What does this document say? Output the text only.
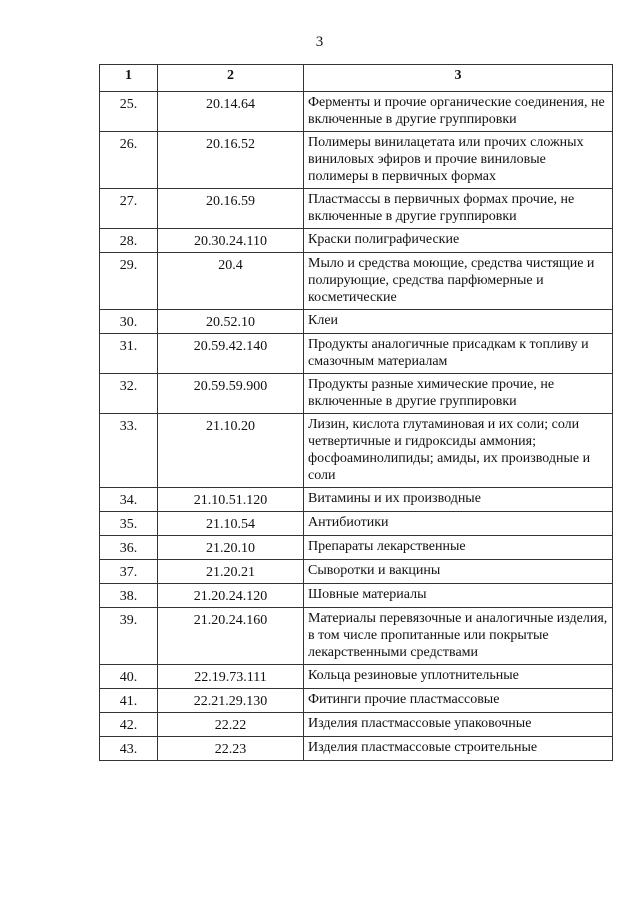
3
1	2	3
25.	20.14.64	Ферменты и прочие органические соединения, не включенные в другие группировки
26.	20.16.52	Полимеры винилацетата или прочих сложных виниловых эфиров и прочие виниловые полимеры в первичных формах
27.	20.16.59	Пластмассы в первичных формах прочие, не включенные в другие группировки
28.	20.30.24.110	Краски полиграфические
29.	20.4	Мыло и средства моющие, средства чистящие и полирующие, средства парфюмерные и косметические
30.	20.52.10	Клеи
31.	20.59.42.140	Продукты аналогичные присадкам к топливу и смазочным материалам
32.	20.59.59.900	Продукты разные химические прочие, не включенные в другие группировки
33.	21.10.20	Лизин, кислота глутаминовая и их соли; соли четвертичные и гидроксиды аммония; фосфоаминолипиды; амиды, их производные и соли
34.	21.10.51.120	Витамины и их производные
35.	21.10.54	Антибиотики
36.	21.20.10	Препараты лекарственные
37.	21.20.21	Сыворотки и вакцины
38.	21.20.24.120	Шовные материалы
39.	21.20.24.160	Материалы перевязочные и аналогичные изделия, в том числе пропитанные или покрытые лекарственными средствами
40.	22.19.73.111	Кольца резиновые уплотнительные
41.	22.21.29.130	Фитинги прочие пластмассовые
42.	22.22	Изделия пластмассовые упаковочные
43.	22.23	Изделия пластмассовые строительные
